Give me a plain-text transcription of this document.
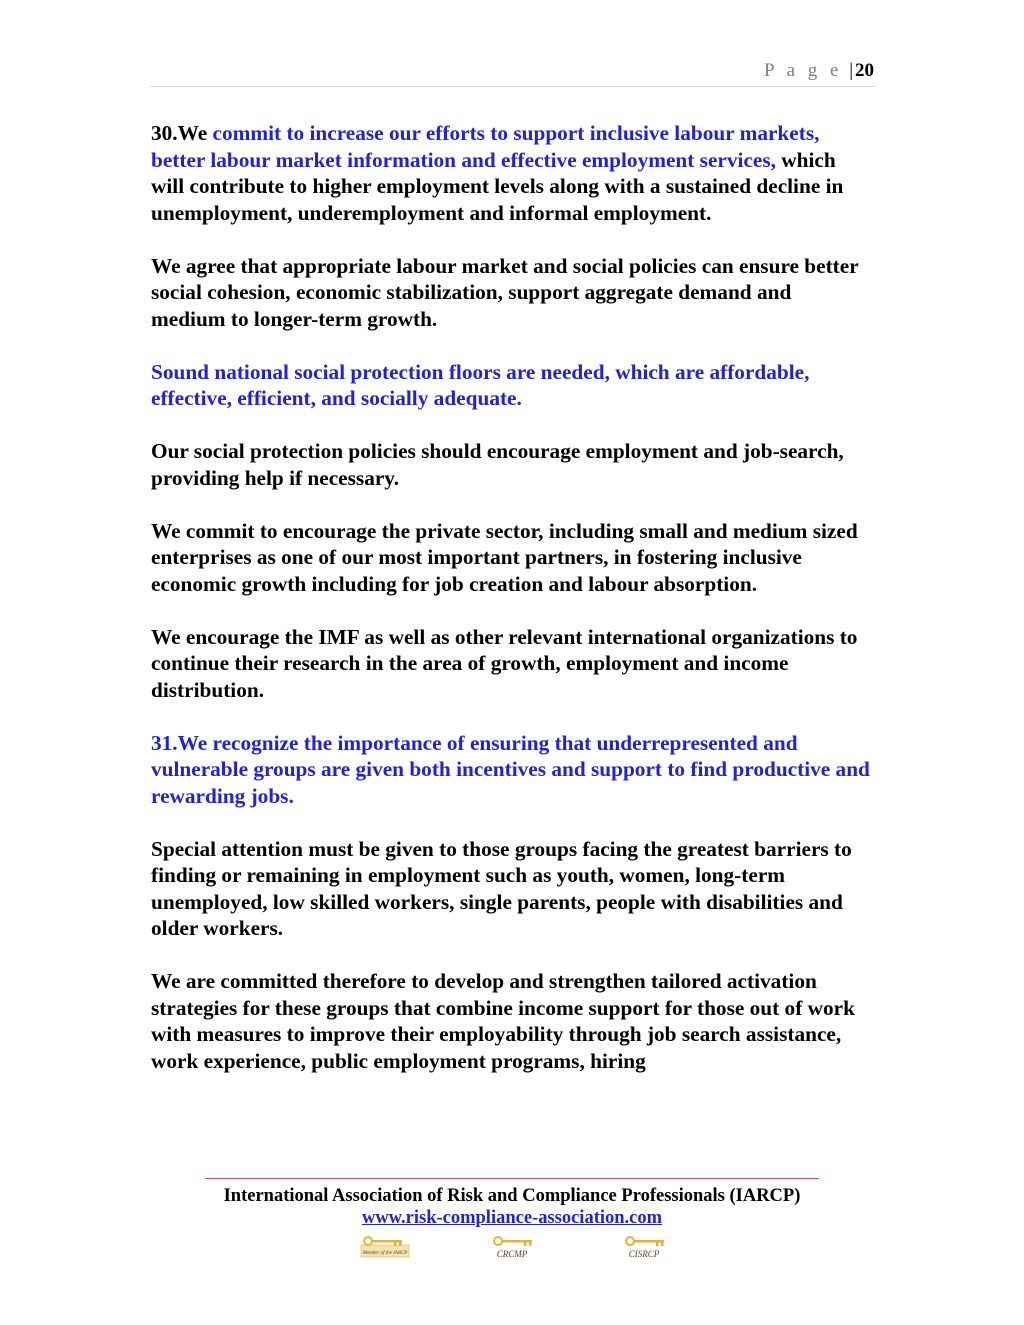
P a g e | 20

30.We commit to increase our efforts to support inclusive labour markets, better labour market information and effective employment services, which will contribute to higher employment levels along with a sustained decline in unemployment, underemployment and informal employment.

We agree that appropriate labour market and social policies can ensure better social cohesion, economic stabilization, support aggregate demand and medium to longer-term growth.

Sound national social protection floors are needed, which are affordable, effective, efficient, and socially adequate.

Our social protection policies should encourage employment and job-search, providing help if necessary.

We commit to encourage the private sector, including small and medium sized enterprises as one of our most important partners, in fostering inclusive economic growth including for job creation and labour absorption.

We encourage the IMF as well as other relevant international organizations to continue their research in the area of growth, employment and income distribution.

31.We recognize the importance of ensuring that underrepresented and vulnerable groups are given both incentives and support to find productive and rewarding jobs.

Special attention must be given to those groups facing the greatest barriers to finding or remaining in employment such as youth, women, long-term unemployed, low skilled workers, single parents, people with disabilities and older workers.

We are committed therefore to develop and strengthen tailored activation strategies for these groups that combine income support for those out of work with measures to improve their employability through job search assistance, work experience, public employment programs, hiring

International Association of Risk and Compliance Professionals (IARCP)
www.risk-compliance-association.com
Member of the IARCP	CRCMP	CISRCP
